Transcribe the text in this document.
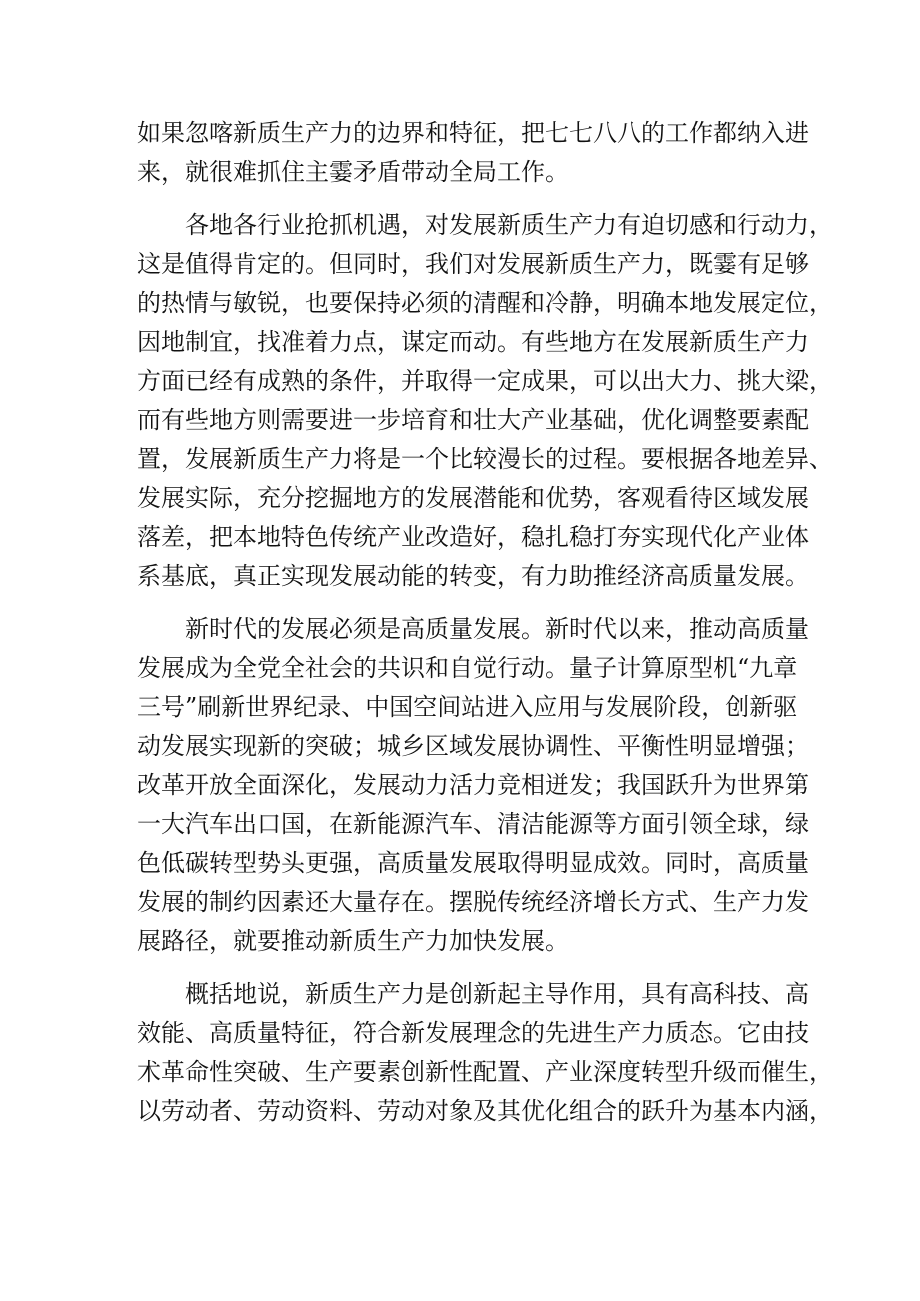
如果忽喀新质生产力的边界和特征，把七七八八的工作都纳入进
来，就很难抓住主霎矛盾带动全局工作。
各地各行业抢抓机遇，对发展新质生产力有迫切感和行动力，
这是值得肯定的。但同时，我们对发展新质生产力，既霎有足够
的热情与敏锐，也要保持必须的清醒和冷静，明确本地发展定位，
因地制宜，找准着力点，谋定而动。有些地方在发展新质生产力
方面已经有成熟的条件，并取得一定成果，可以出大力、挑大梁，
而有些地方则需要进一步培育和壮大产业基础，优化调整要素配
置，发展新质生产力将是一个比较漫长的过程。要根据各地差异、
发展实际，充分挖掘地方的发展潜能和优势，客观看待区域发展
落差，把本地特色传统产业改造好，稳扎稳打夯实现代化产业体
系基底，真正实现发展动能的转变，有力助推经济高质量发展。
新时代的发展必须是高质量发展。新时代以来，推动高质量
发展成为全党全社会的共识和自觉行动。量子计算原型机“九章
三号”刷新世界纪录、中国空间站进入应用与发展阶段，创新驱
动发展实现新的突破；城乡区域发展协调性、平衡性明显增强；
改革开放全面深化，发展动力活力竞相迸发；我国跃升为世界第
一大汽车出口国，在新能源汽车、清洁能源等方面引领全球，绿
色低碳转型势头更强，高质量发展取得明显成效。同时，高质量
发展的制约因素还大量存在。摆脱传统经济增长方式、生产力发
展路径，就要推动新质生产力加快发展。
概括地说，新质生产力是创新起主导作用，具有高科技、高
效能、高质量特征，符合新发展理念的先进生产力质态。它由技
术革命性突破、生产要素创新性配置、产业深度转型升级而催生，
以劳动者、劳动资料、劳动对象及其优化组合的跃升为基本内涵，
